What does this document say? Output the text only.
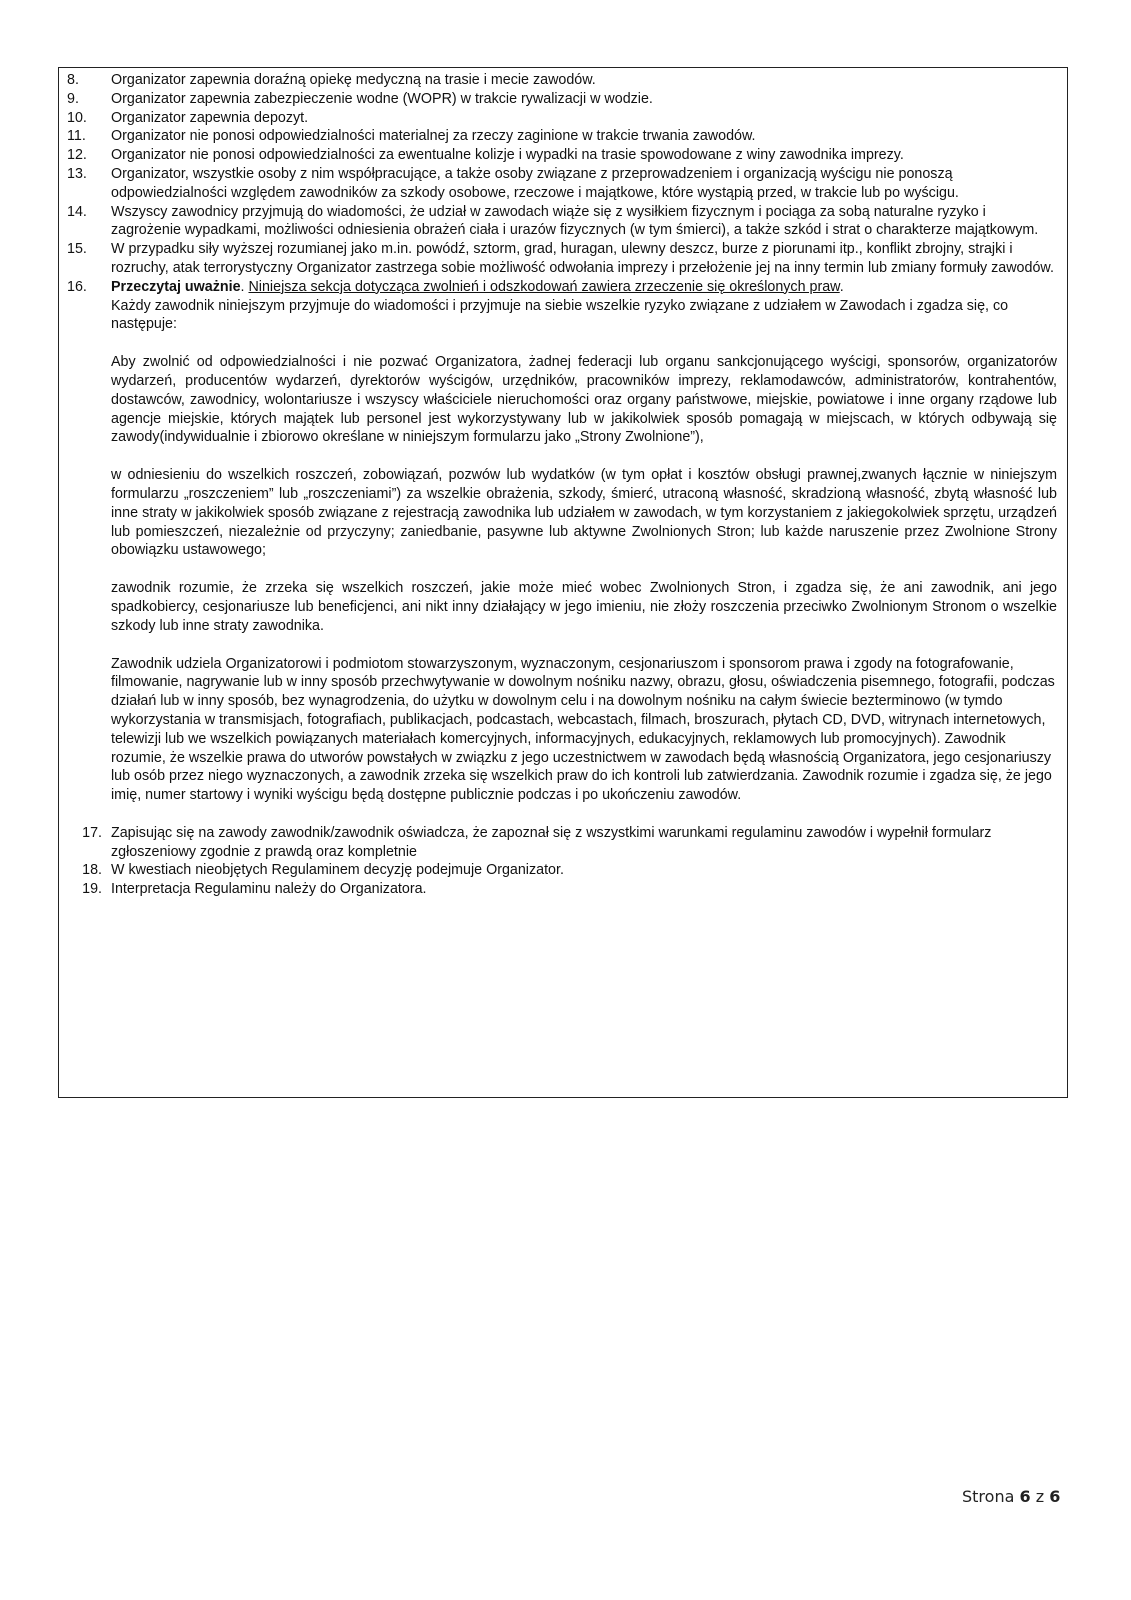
8.	Organizator zapewnia doraźną opiekę medyczną na trasie i mecie zawodów.
9.	Organizator zapewnia zabezpieczenie wodne (WOPR) w trakcie rywalizacji w wodzie.
10.	Organizator zapewnia depozyt.
11.	Organizator nie ponosi odpowiedzialności materialnej za rzeczy zaginione w trakcie trwania zawodów.
12.	Organizator nie ponosi odpowiedzialności za ewentualne kolizje i wypadki na trasie spowodowane z winy zawodnika imprezy.
13.	Organizator, wszystkie osoby z nim współpracujące, a także osoby związane z przeprowadzeniem i organizacją wyścigu nie ponoszą odpowiedzialności względem zawodników za szkody osobowe, rzeczowe i majątkowe, które wystąpią przed, w trakcie lub po wyścigu.
14.	Wszyscy zawodnicy przyjmują do wiadomości, że udział w zawodach wiąże się z wysiłkiem fizycznym i pociąga za sobą naturalne ryzyko i zagrożenie wypadkami, możliwości odniesienia obrażeń ciała i urazów fizycznych (w tym śmierci), a także szkód i strat o charakterze majątkowym.
15.	W przypadku siły wyższej rozumianej jako m.in. powódź, sztorm, grad, huragan, ulewny deszcz, burze z piorunami itp., konflikt zbrojny, strajki i rozruchy, atak terrorystyczny Organizator zastrzega sobie możliwość odwołania imprezy i przełożenie jej na inny termin lub zmiany formuły zawodów.
16.	Przeczytaj uważnie. Niniejsza sekcja dotycząca zwolnień i odszkodowań zawiera zrzeczenie się określonych praw.
Każdy zawodnik niniejszym przyjmuje do wiadomości i przyjmuje na siebie wszelkie ryzyko związane z udziałem w Zawodach i zgadza się, co następuje:
Aby zwolnić od odpowiedzialności i nie pozwać Organizatora, żadnej federacji lub organu sankcjonującego wyścigi, sponsorów, organizatorów wydarzeń, producentów wydarzeń, dyrektorów wyścigów, urzędników, pracowników imprezy, reklamodawców, administratorów, kontrahentów, dostawców, zawodnicy, wolontariusze i wszyscy właściciele nieruchomości oraz organy państwowe, miejskie, powiatowe i inne organy rządowe lub agencje miejskie, których majątek lub personel jest wykorzystywany lub w jakikolwiek sposób pomagają w miejscach, w których odbywają się zawody(indywidualnie i zbiorowo określane w niniejszym formularzu jako „Strony Zwolnione”),
w odniesieniu do wszelkich roszczeń, zobowiązań, pozwów lub wydatków (w tym opłat i kosztów obsługi prawnej,zwanych łącznie w niniejszym formularzu „roszczeniem” lub „roszczeniami”) za wszelkie obrażenia, szkody, śmierć, utraconą własność, skradzioną własność, zbytą własność lub inne straty w jakikolwiek sposób związane z rejestracją zawodnika lub udziałem w zawodach, w tym korzystaniem z jakiegokolwiek sprzętu, urządzeń lub pomieszczeń, niezależnie od przyczyny; zaniedbanie, pasywne lub aktywne Zwolnionych Stron; lub każde naruszenie przez Zwolnione Strony obowiązku ustawowego;
zawodnik rozumie, że zrzeka się wszelkich roszczeń, jakie może mieć wobec Zwolnionych Stron, i zgadza się, że ani zawodnik, ani jego spadkobiercy, cesjonariusze lub beneficjenci, ani nikt inny działający w jego imieniu, nie złoży roszczenia przeciwko Zwolnionym Stronom o wszelkie szkody lub inne straty zawodnika.
Zawodnik udziela Organizatorowi i podmiotom stowarzyszonym, wyznaczonym, cesjonariuszom i sponsorom prawa i zgody na fotografowanie, filmowanie, nagrywanie lub w inny sposób przechwytywanie w dowolnym nośniku nazwy, obrazu, głosu, oświadczenia pisemnego, fotografii, podczas działań lub w inny sposób, bez wynagrodzenia, do użytku w dowolnym celu i na dowolnym nośniku na całym świecie bezterminowo (w tymdo wykorzystania w transmisjach, fotografiach, publikacjach, podcastach, webcastach, filmach, broszurach, płytach CD, DVD, witrynach internetowych, telewizji lub we wszelkich powiązanych materiałach komercyjnych, informacyjnych, edukacyjnych, reklamowych lub promocyjnych). Zawodnik rozumie, że wszelkie prawa do utworów powstałych w związku z jego uczestnictwem w zawodach będą własnością Organizatora, jego cesjonariuszy lub osób przez niego wyznaczonych, a zawodnik zrzeka się wszelkich praw do ich kontroli lub zatwierdzania. Zawodnik rozumie i zgadza się, że jego imię, numer startowy i wyniki wyścigu będą dostępne publicznie podczas i po ukończeniu zawodów.
17. Zapisując się na zawody zawodnik/zawodnik oświadcza, że zapoznał się z wszystkimi warunkami regulaminu zawodów i wypełnił formularz zgłoszeniowy zgodnie z prawdą oraz kompletnie
18. W kwestiach nieobjętych Regulaminem decyzję podejmuje Organizator.
19. Interpretacja Regulaminu należy do Organizatora.
Strona 6 z 6
